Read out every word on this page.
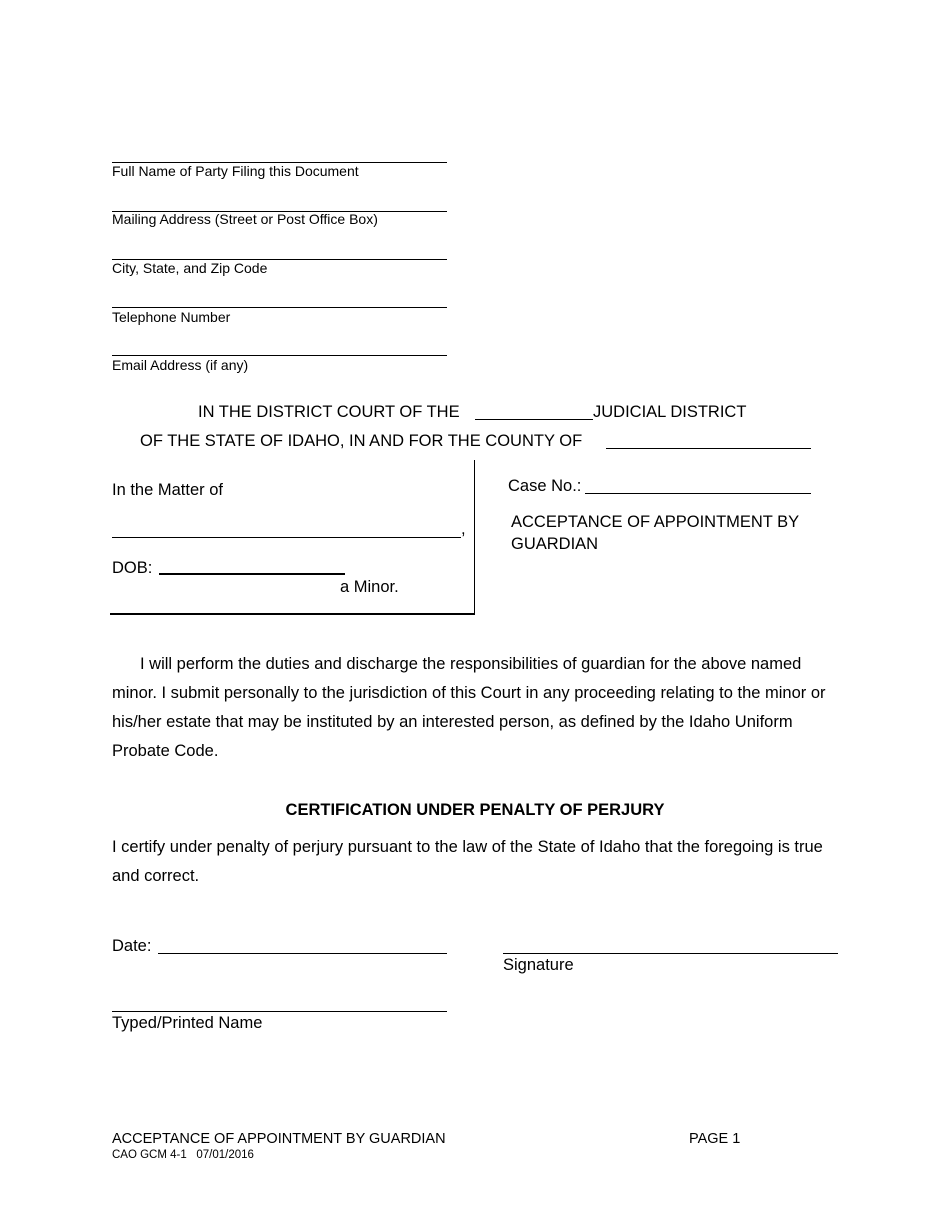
Full Name of Party Filing this Document
Mailing Address (Street or Post Office Box)
City, State, and Zip Code
Telephone Number
Email Address (if any)
IN THE DISTRICT COURT OF THE	JUDICIAL DISTRICT
OF THE STATE OF IDAHO, IN AND FOR THE COUNTY OF
In the Matter of
,
DOB:
a Minor.
Case No.:
ACCEPTANCE OF APPOINTMENT BY
GUARDIAN
I will perform the duties and discharge the responsibilities of guardian for the above named minor. I submit personally to the jurisdiction of this Court in any proceeding relating to the minor or his/her estate that may be instituted by an interested person, as defined by the Idaho Uniform Probate Code.
CERTIFICATION UNDER PENALTY OF PERJURY
I certify under penalty of perjury pursuant to the law of the State of Idaho that the foregoing is true and correct.
Date:
Signature
Typed/Printed Name
ACCEPTANCE OF APPOINTMENT BY GUARDIAN	PAGE 1
CAO GCM 4-1   07/01/2016
